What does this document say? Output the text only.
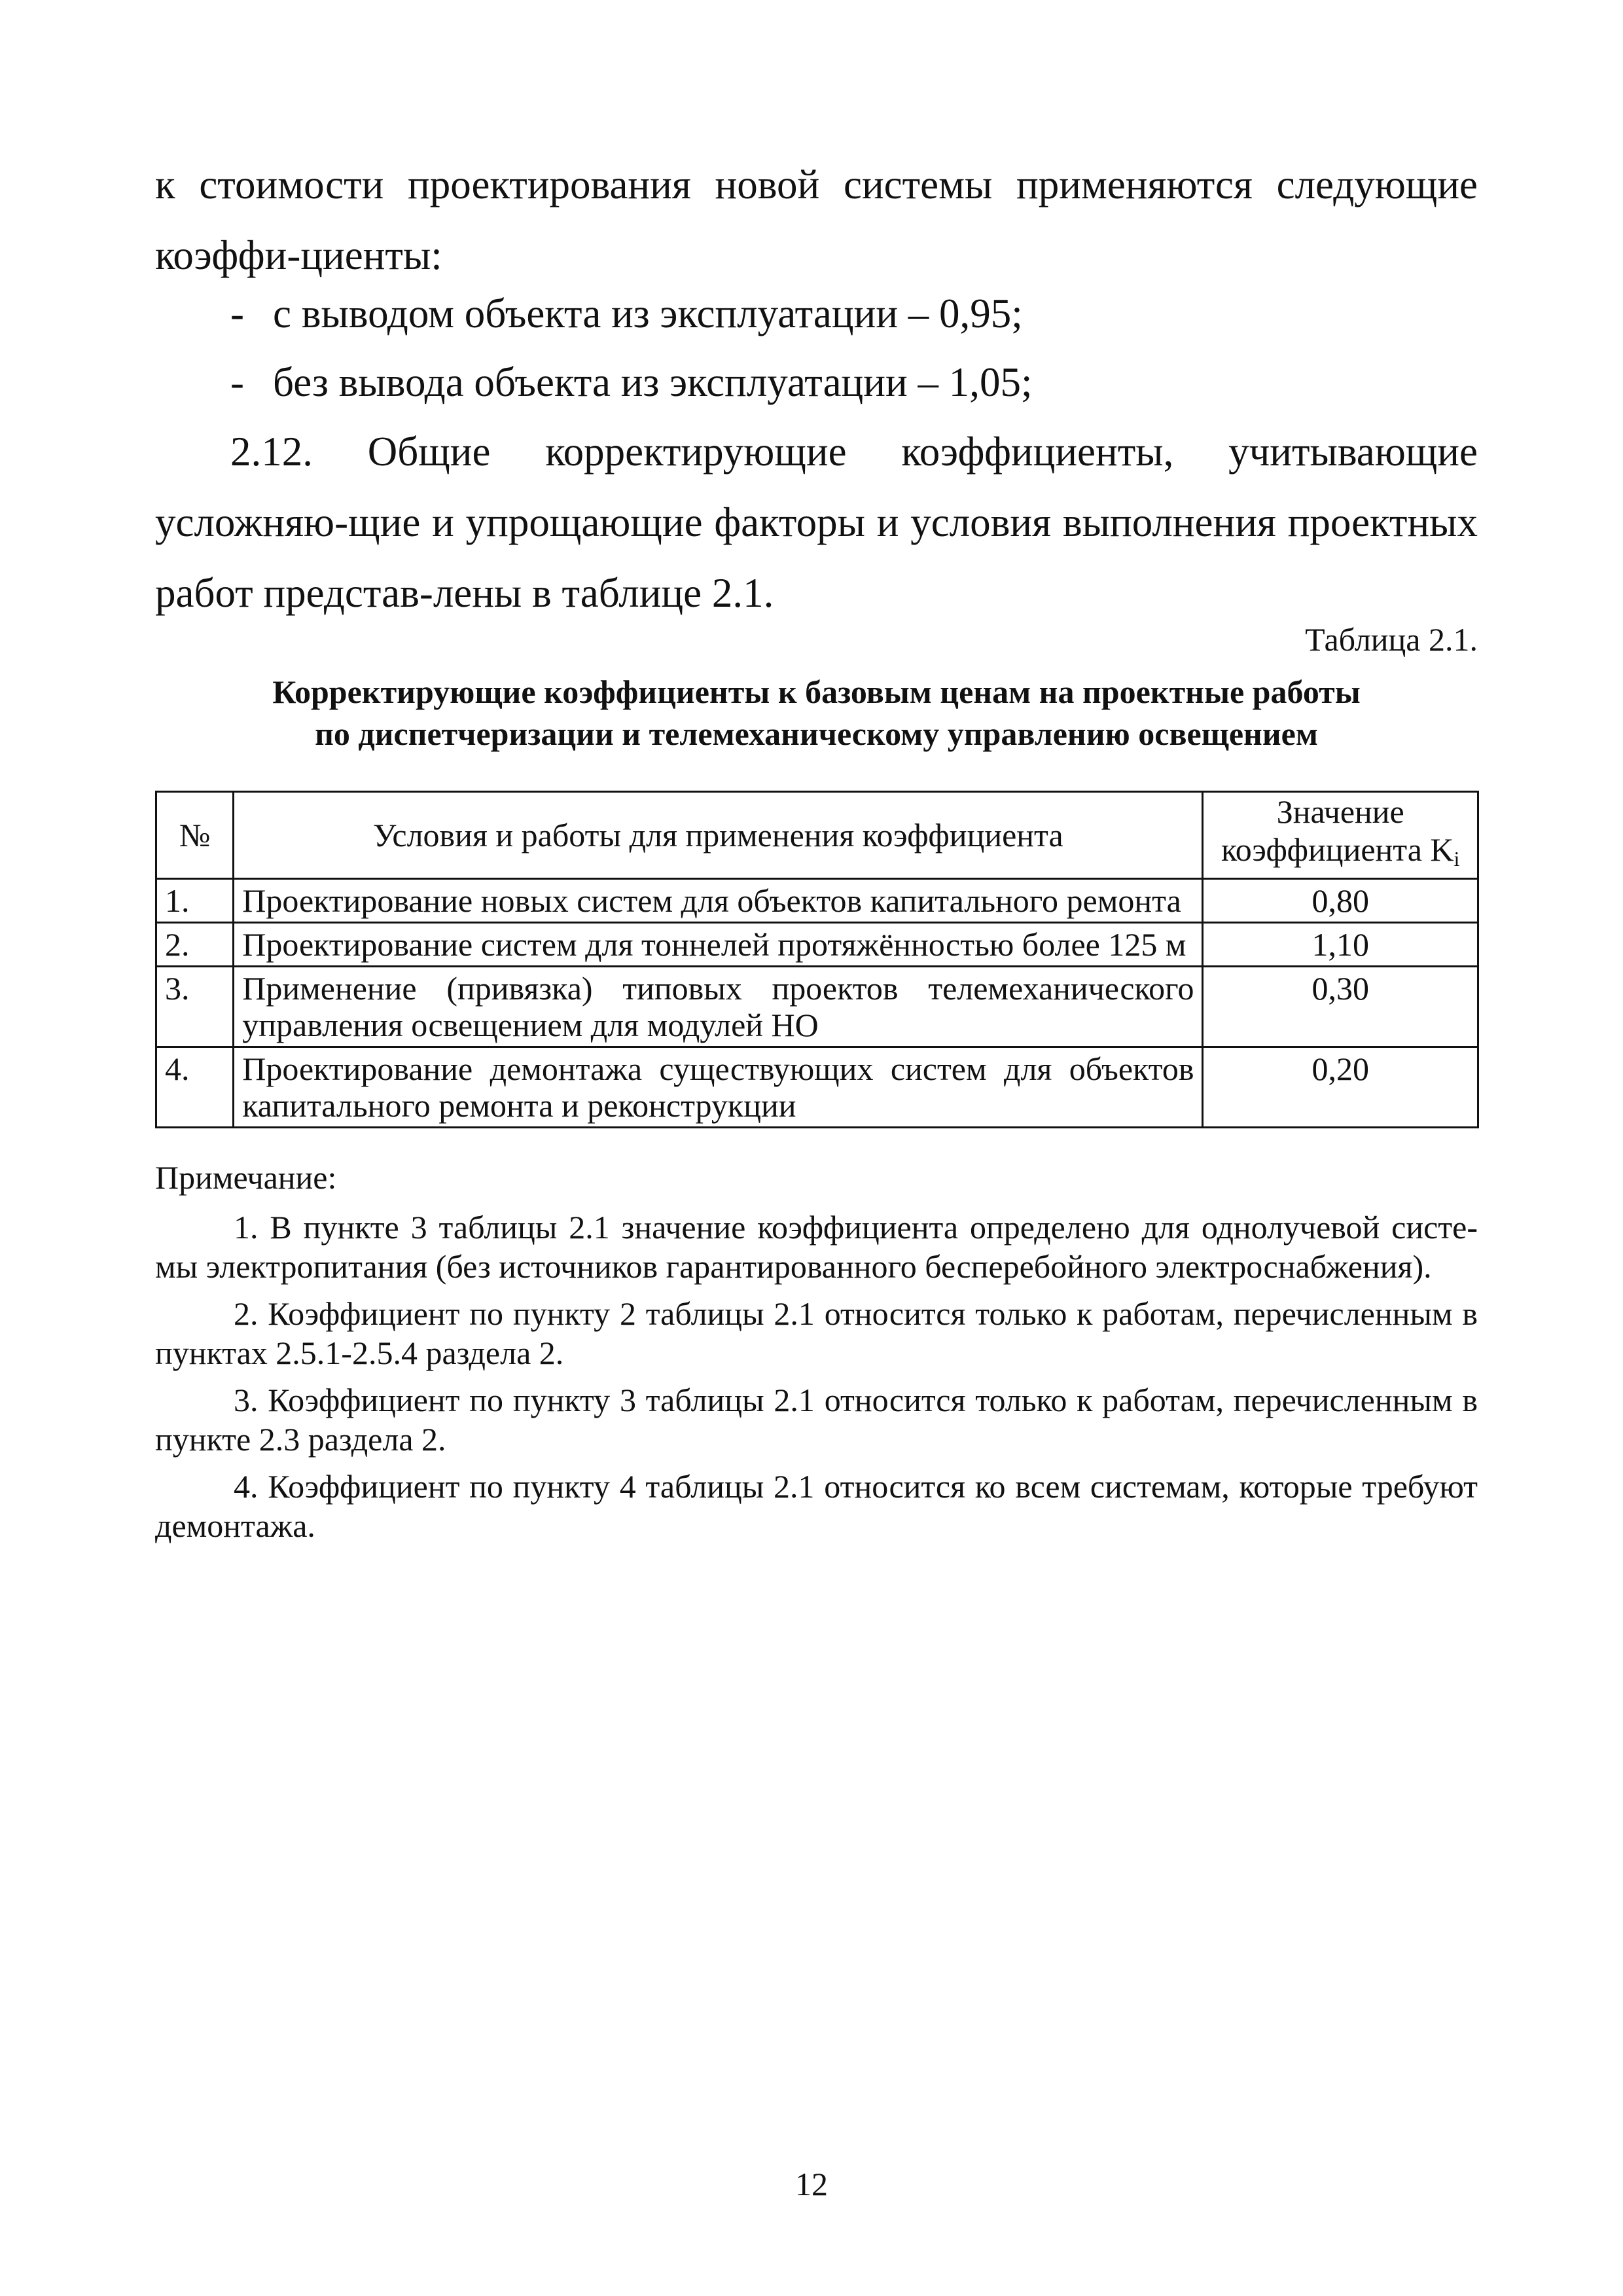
к стоимости проектирования новой системы применяются следующие коэффи-циенты:
- с выводом объекта из эксплуатации – 0,95;
- без вывода объекта из эксплуатации – 1,05;
2.12. Общие корректирующие коэффициенты, учитывающие усложняю-щие и упрощающие факторы и условия выполнения проектных работ представ-лены в таблице 2.1.
Таблица 2.1.
Корректирующие коэффициенты к базовым ценам на проектные работы
по диспетчеризации и телемеханическому управлению освещением
№	Условия и работы для применения коэффициента	Значение
коэффициента $K_i$

1.	Проектирование новых систем для объектов капитального ремонта	0,80
2.	Проектирование систем для тоннелей протяжённостью более 125 м	1,10
3.	Применение (привязка) типовых проектов телемеханического управления освещением для модулей НО	0,30
4.	Проектирование демонтажа существующих систем для объектов капитального ремонта и реконструкции	0,20
Примечание:

1. В пункте 3 таблицы 2.1 значение коэффициента определено для однолучевой систе-мы электропитания (без источников гарантированного бесперебойного электроснабжения).

2. Коэффициент по пункту 2 таблицы 2.1 относится только к работам, перечисленным в пунктах 2.5.1-2.5.4 раздела 2.

3. Коэффициент по пункту 3 таблицы 2.1 относится только к работам, перечисленным в пункте 2.3 раздела 2.

4. Коэффициент по пункту 4 таблицы 2.1 относится ко всем системам, которые требуют демонтажа.

12
